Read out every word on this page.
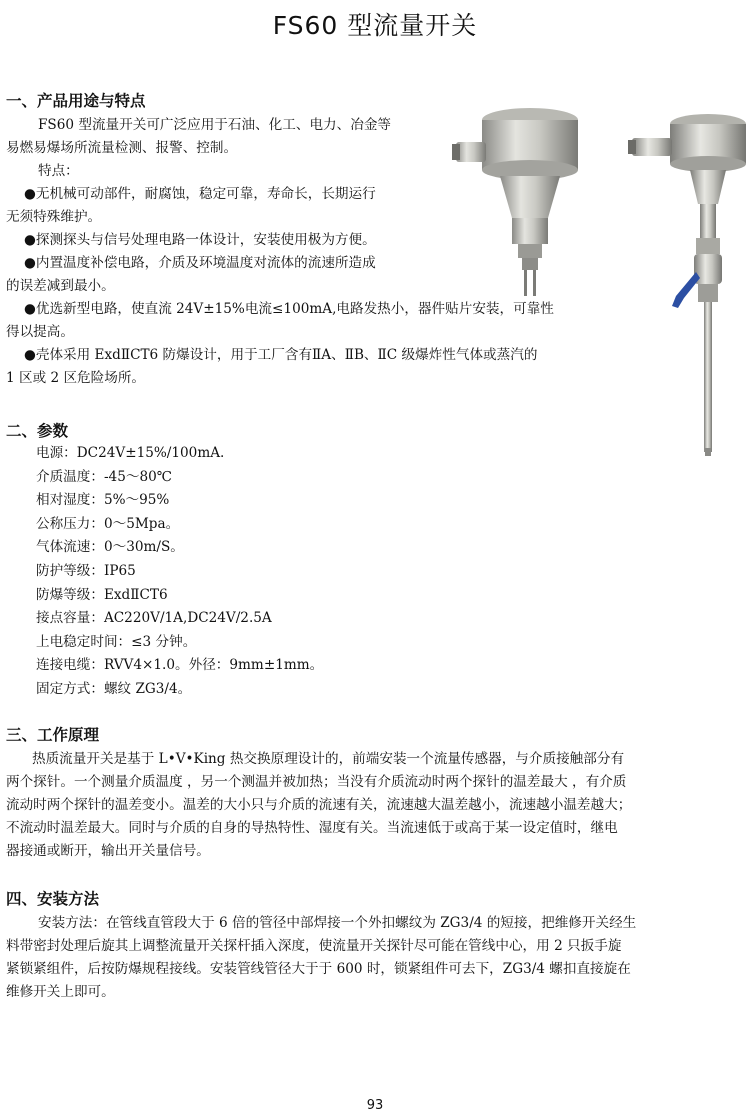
FS60 型流量开关
一、产品用途与特点
FS60 型流量开关可广泛应用于石油、化工、电力、冶金等
易燃易爆场所流量检测、报警、控制。
特点：
●无机械可动部件，耐腐蚀，稳定可靠，寿命长，长期运行
无须特殊维护。
●探测探头与信号处理电路一体设计，安装使用极为方便。
●内置温度补偿电路，介质及环境温度对流体的流速所造成
的误差减到最小。
●优选新型电路，使直流 24V±15%电流≤100mA,电路发热小，器件贴片安装，可靠性
得以提高。
●壳体采用 ExdⅡCT6 防爆设计，用于工厂含有ⅡA、ⅡB、ⅡC 级爆炸性气体或蒸汽的
1 区或 2 区危险场所。
二、参数
电源：DC24V±15%/100mA.
介质温度：-45～80℃
相对湿度：5%～95%
公称压力：0～5Mpa。
气体流速：0～30m/S。
防护等级：IP65
防爆等级：ExdⅡCT6
接点容量：AC220V/1A,DC24V/2.5A
上电稳定时间：≤3 分钟。
连接电缆：RVV4×1.0。外径：9mm±1mm。
固定方式：螺纹 ZG3/4。
三、工作原理
热质流量开关是基于 L•V•King 热交换原理设计的，前端安装一个流量传感器，与介质接触部分有
两个探针。一个测量介质温度 ，另一个测温并被加热；当没有介质流动时两个探针的温差最大 ，有介质
流动时两个探针的温差变小。温差的大小只与介质的流速有关，流速越大温差越小，流速越小温差越大；
不流动时温差最大。同时与介质的自身的导热特性、湿度有关。当流速低于或高于某一设定值时，继电
器接通或断开，输出开关量信号。
四、安装方法
安装方法：在管线直管段大于 6 倍的管径中部焊接一个外扣螺纹为 ZG3/4 的短接，把维修开关经生
料带密封处理后旋其上调整流量开关探杆插入深度，使流量开关探针尽可能在管线中心，用 2 只扳手旋
紧锁紧组件，后按防爆规程接线。安装管线管径大于于 600 时，锁紧组件可去下，ZG3/4 螺扣直接旋在
维修开关上即可。
93
